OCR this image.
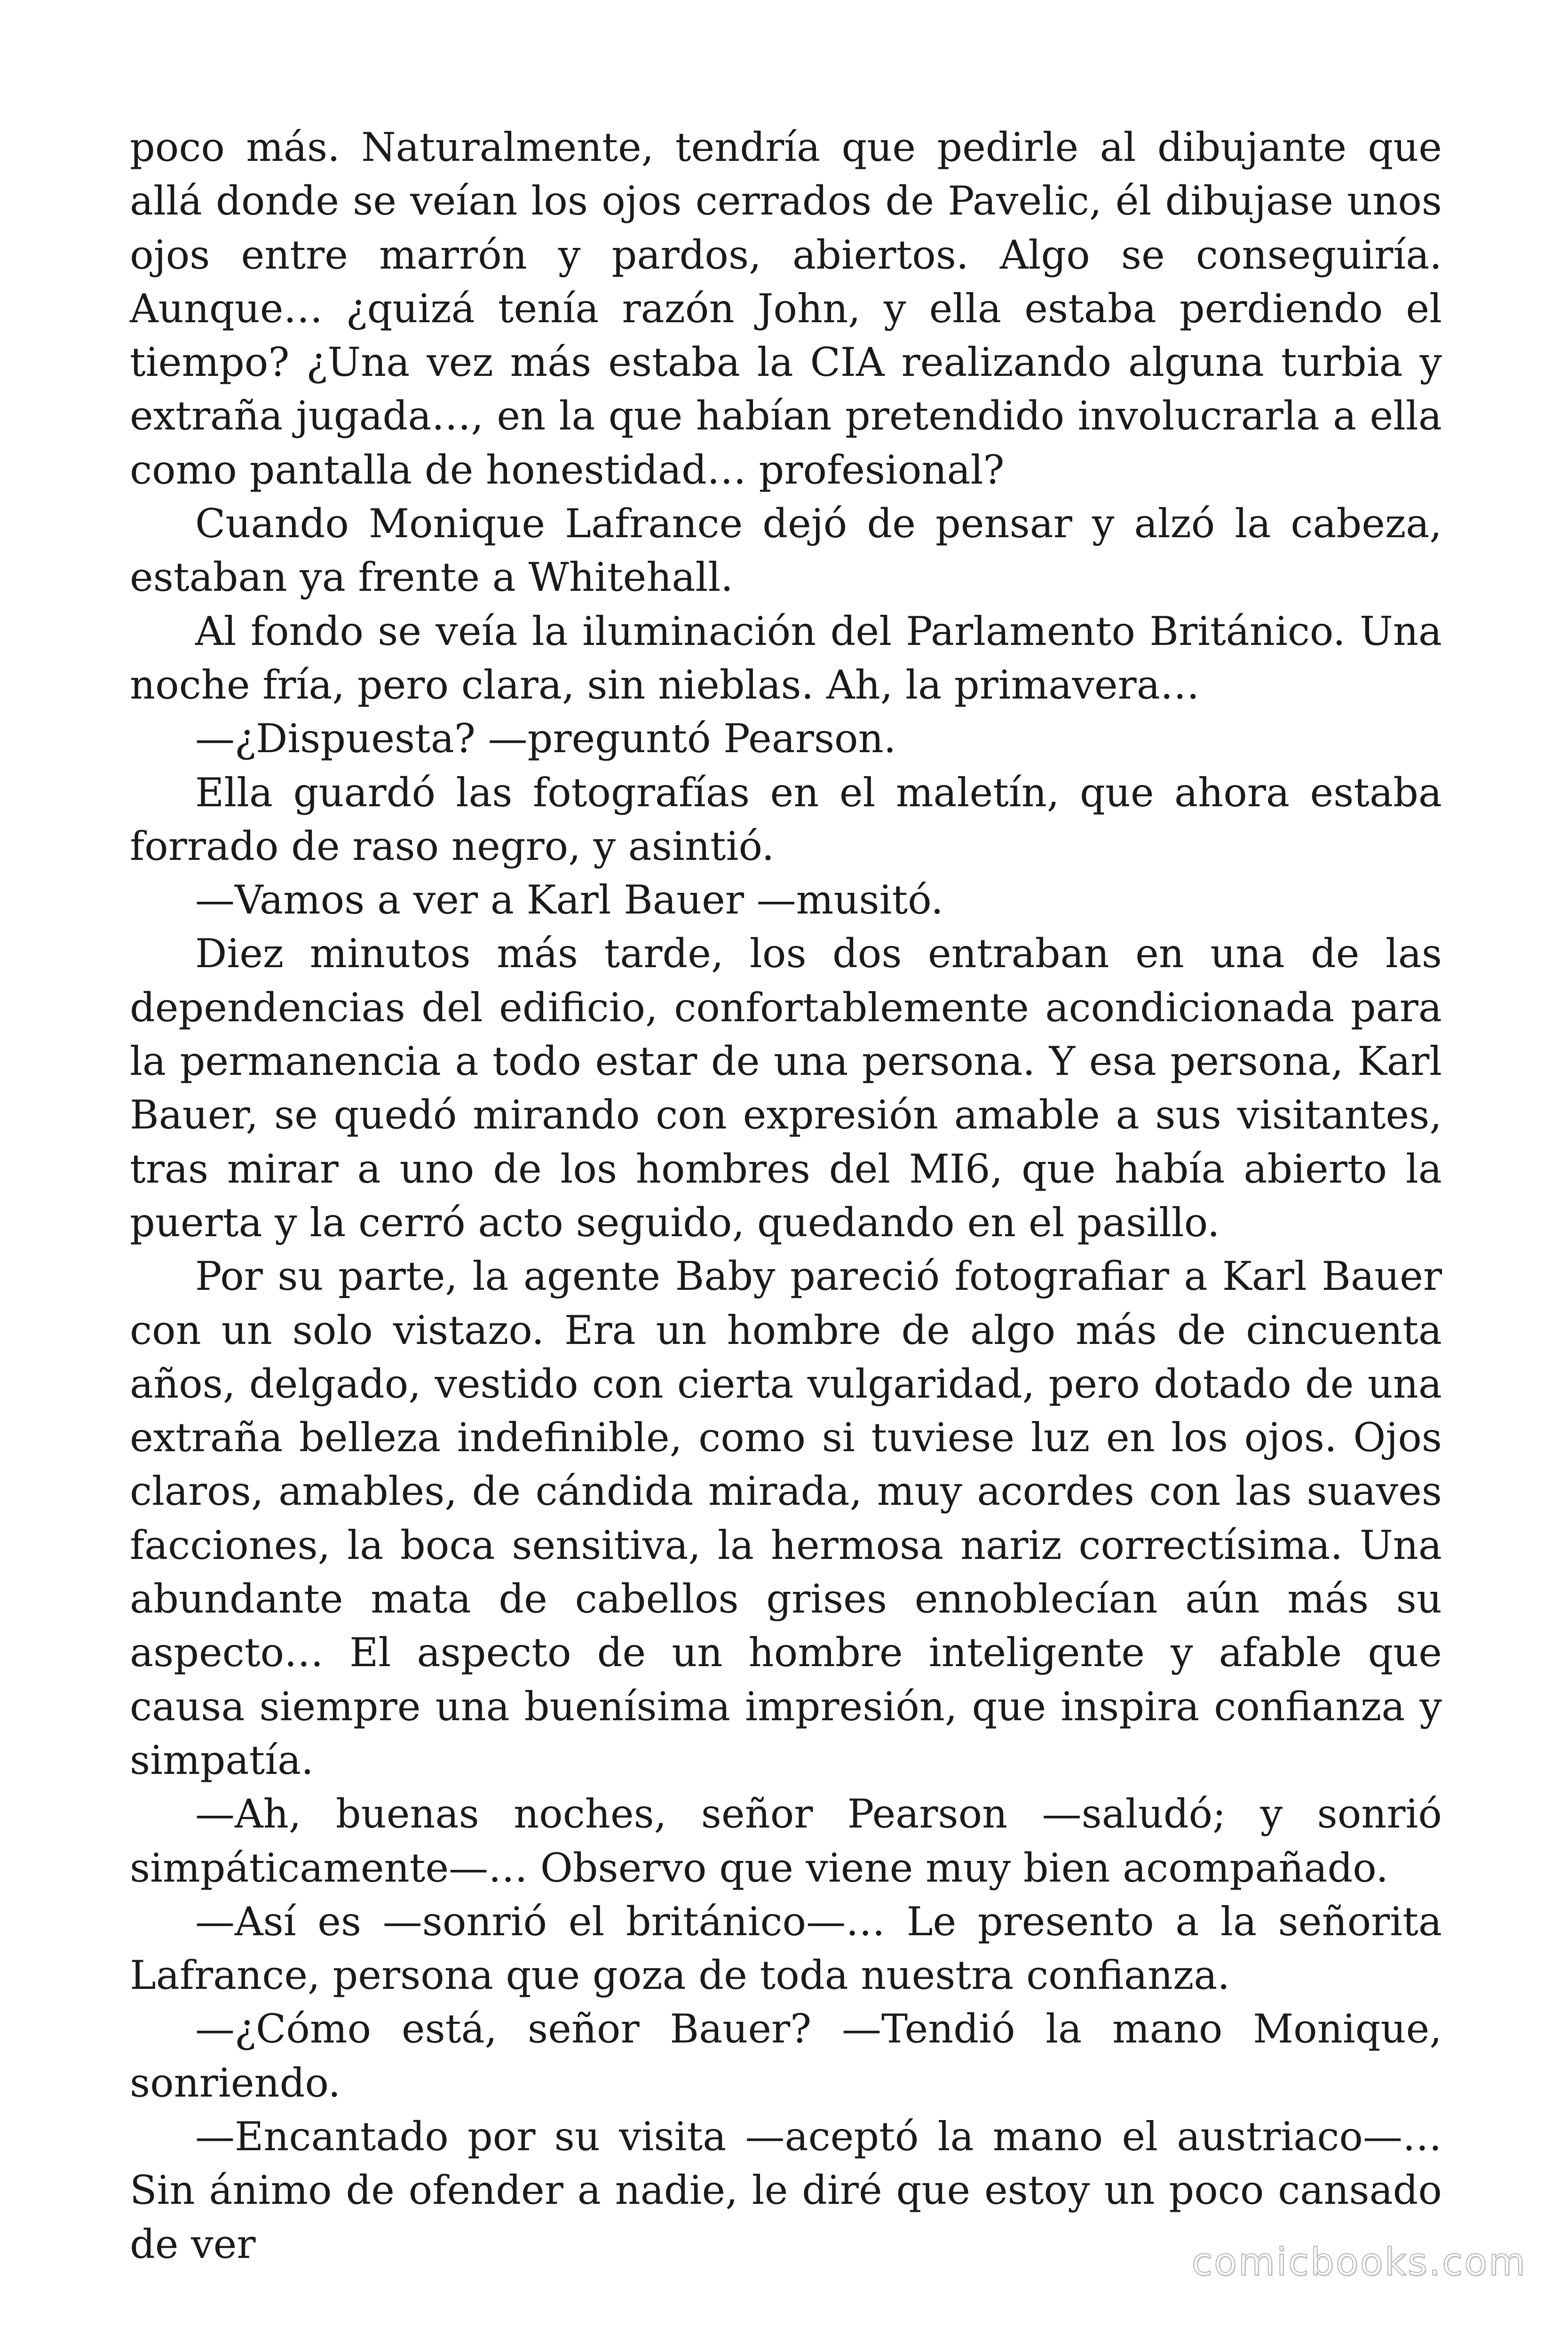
poco más. Naturalmente, tendría que pedirle al dibujante que allá donde se veían los ojos cerrados de Pavelic, él dibujase unos ojos entre marrón y pardos, abiertos. Algo se conseguiría. Aunque… ¿quizá tenía razón John, y ella estaba perdiendo el tiempo? ¿Una vez más estaba la CIA realizando alguna turbia y extraña jugada…, en la que habían pretendido involucrarla a ella como pantalla de honestidad… profesional?

Cuando Monique Lafrance dejó de pensar y alzó la cabeza, estaban ya frente a Whitehall.

Al fondo se veía la iluminación del Parlamento Británico. Una noche fría, pero clara, sin nieblas. Ah, la primavera…

—¿Dispuesta? —preguntó Pearson.

Ella guardó las fotografías en el maletín, que ahora estaba forrado de raso negro, y asintió.

—Vamos a ver a Karl Bauer —musitó.

Diez minutos más tarde, los dos entraban en una de las dependencias del edificio, confortablemente acondicionada para la permanencia a todo estar de una persona. Y esa persona, Karl Bauer, se quedó mirando con expresión amable a sus visitantes, tras mirar a uno de los hombres del MI6, que había abierto la puerta y la cerró acto seguido, quedando en el pasillo.

Por su parte, la agente Baby pareció fotografiar a Karl Bauer con un solo vistazo. Era un hombre de algo más de cincuenta años, delgado, vestido con cierta vulgaridad, pero dotado de una extraña belleza indefinible, como si tuviese luz en los ojos. Ojos claros, amables, de cándida mirada, muy acordes con las suaves facciones, la boca sensitiva, la hermosa nariz correctísima. Una abundante mata de cabellos grises ennoblecían aún más su aspecto… El aspecto de un hombre inteligente y afable que causa siempre una buenísima impresión, que inspira confianza y simpatía.

—Ah, buenas noches, señor Pearson —saludó; y sonrió simpáticamente—… Observo que viene muy bien acompañado.

—Así es —sonrió el británico—… Le presento a la señorita Lafrance, persona que goza de toda nuestra confianza.

—¿Cómo está, señor Bauer? —Tendió la mano Monique, sonriendo.

—Encantado por su visita —aceptó la mano el austriaco—… Sin ánimo de ofender a nadie, le diré que estoy un poco cansado de ver	comicbooks.com
